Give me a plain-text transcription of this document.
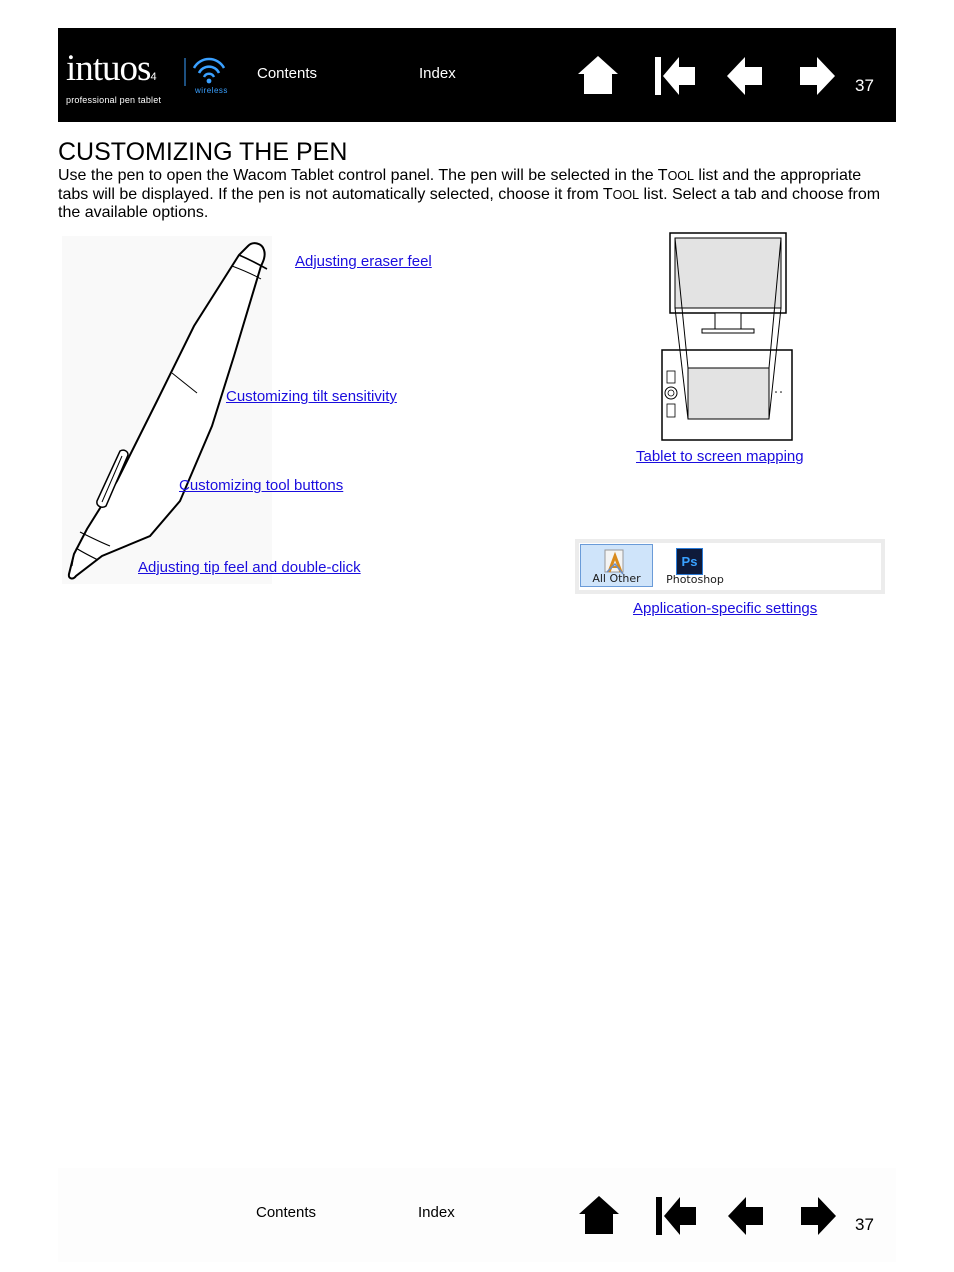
intuos4
professional pen tablet
wireless
Contents	Index
37
CUSTOMIZING THE PEN
Use the pen to open the Wacom Tablet control panel. The pen will be selected in the TOOL list and the appropriate tabs will be displayed. If the pen is not automatically selected, choose it from TOOL list. Select a tab and choose from the available options.
Adjusting eraser feel
Customizing tilt sensitivity
Customizing tool buttons
Adjusting tip feel and double-click
Tablet to screen mapping
All Other
Ps
Photoshop
Application-specific settings
Contents	Index
37
